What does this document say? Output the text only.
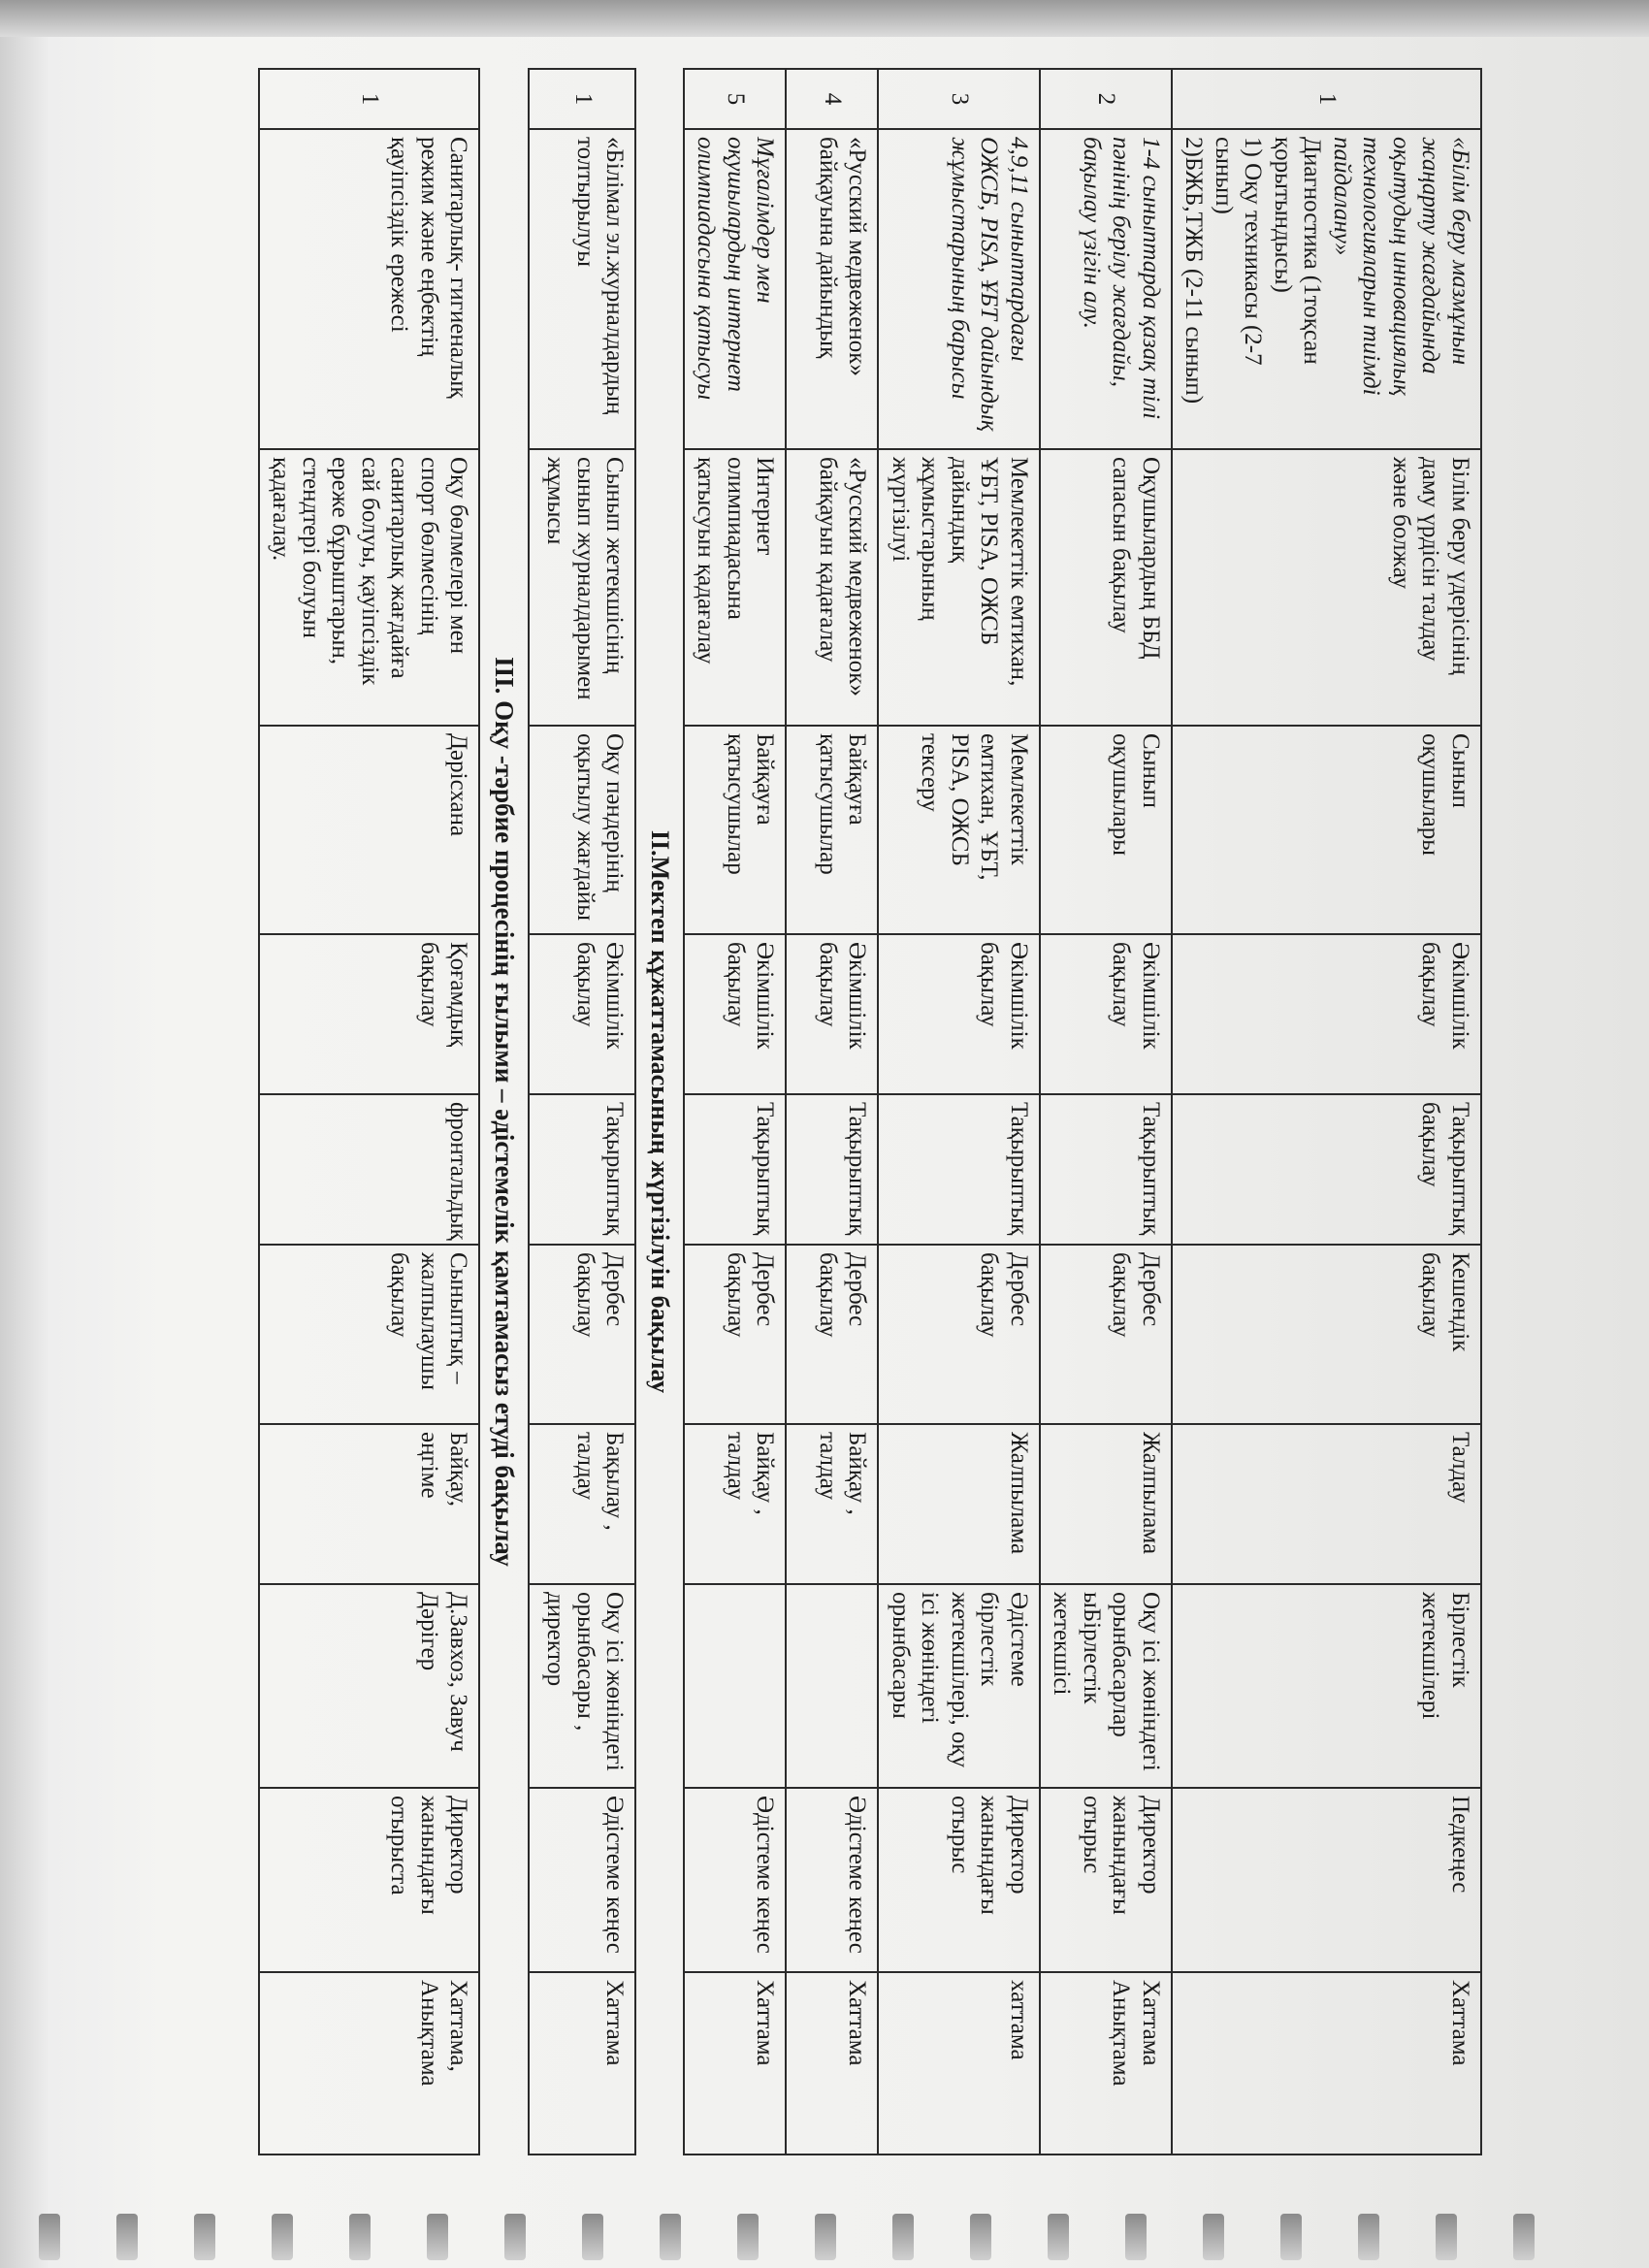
1	«Білім беру мазмұнын жаңарту жағдайында оқытудың инновациялық технологияларын тиімді пайдалану»
Диагностика (1тоқсан қорытындысы)
1) Оқу техникасы (2-7 сынып)
2)БЖБ,ТЖБ (2-11 сынып)	Білім беру үдерісінің даму үрдісін талдау және болжау	Сынып оқушылары	Әкімшілік бақылау	Тақырыптық бақылау	Кешендік бақылау	Талдау	Бірлестік жетекшілері	Педкеңес	Хаттама
2	1-4 сыныптарда қазақ тілі пәнінің берілу жағдайы, бақылау үзігін алу.	Оқушылардың ББД сапасын бақылау	Сынып оқушылары	Әкімшілік бақылау	Тақырыптық	Дербес бақылау	Жалпылама	Оқу ісі жөніндегі орынбасарлар ыБірлестік жетекшісі	Директор жанындағы отырыс	Хаттама Анықтама
3	4,9,11 сыныптардағы ОЖСБ, PISA, ҰБТ дайындық жұмыстарының барысы	Мемлекеттік емтихан, ҰБТ, PISA, ОЖСБ дайындық жұмыстарының жүргізілуі	Мемлекеттік емтихан, ҰБТ, PISA, ОЖСБ тексеру	Әкімшілік бақылау	Тақырыптық	Дербес бақылау	Жалпылама	Әдістеме бірлестік жетекшілері, оқу ісі жөніндегі орынбасары	Директор жанындағы отырыс	хаттама
4	«Русский медвеженок» байқауына дайындық	«Русский медвеженок» байқауын қадағалау	Байқауға қатысушылар	Әкімшілік бақылау	Тақырыптық	Дербес бақылау	Байқау , талдау		Әдістеме кеңес	Хаттама
5	Мұғалімдер мен оқушылардың интернет олимпиадасына қатысуы	Интернет олимпиадасына қатысуын қадағалау	Байқауға қатысушылар	Әкімшілік бақылау	Тақырыптық	Дербес бақылау	Байқау , талдау		Әдістеме кеңес	Хаттама
II.Мектеп құжаттамасының жүргізілуін бақылау										
1	«Білімал эл.журналдардың толтырылуы	Сынып жетекшісінің сынып журналдарымен жұмысы	Оқу пәндерінің оқытылу жағдайы	Әкімшілік бақылау	Тақырыптық	Дербес бақылау	Бақылау , талдау	Оқу ісі жөніндегі орынбасары , директор	Әдістеме кеңес	Хаттама
III. Оқу -тәрбие процесінің ғылыми – әдістемелік қамтамасыз етуді бақылау										
1	Санитарлық- гигиеналық режим және еңбектің қауіпсіздік ережесі	Оқу бөлмелері мен спорт бөлмесінің санитарлық жағдайға сай болуы, қауіпсіздік ереже бұрыштарын, стендтері болуын қадағалау.	Дәрісхана	Қоғамдық бақылау	фронтальдық	Сыныптық – жалпылаушы бақылау	Байқау, әңгіме	Д.Завхоз, Завуч Дәрігер	Директор жанындағы отырыста	Хаттама, Анықтама
